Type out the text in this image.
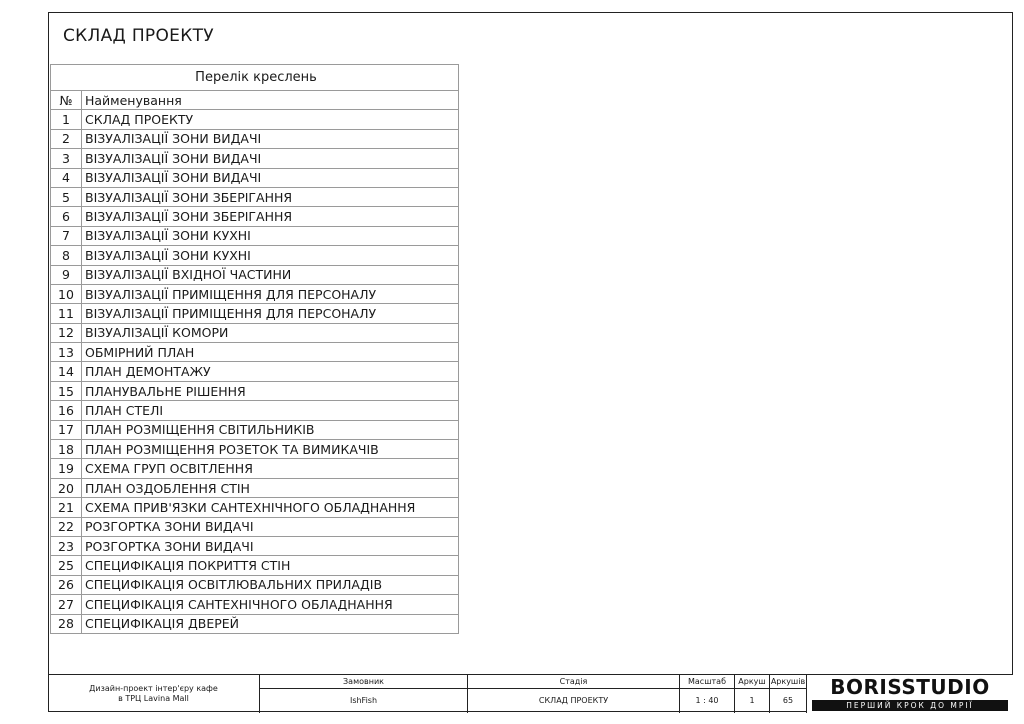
СКЛАД ПРОЕКТУ
Перелік креслень	
№	Найменування
1	СКЛАД ПРОЕКТУ
2	ВІЗУАЛІЗАЦІЇ ЗОНИ ВИДАЧІ
3	ВІЗУАЛІЗАЦІЇ ЗОНИ ВИДАЧІ
4	ВІЗУАЛІЗАЦІЇ ЗОНИ ВИДАЧІ
5	ВІЗУАЛІЗАЦІЇ ЗОНИ ЗБЕРІГАННЯ
6	ВІЗУАЛІЗАЦІЇ ЗОНИ ЗБЕРІГАННЯ
7	ВІЗУАЛІЗАЦІЇ ЗОНИ КУХНІ
8	ВІЗУАЛІЗАЦІЇ ЗОНИ КУХНІ
9	ВІЗУАЛІЗАЦІЇ ВХІДНОЇ ЧАСТИНИ
10	ВІЗУАЛІЗАЦІЇ ПРИМІЩЕННЯ ДЛЯ ПЕРСОНАЛУ
11	ВІЗУАЛІЗАЦІЇ ПРИМІЩЕННЯ ДЛЯ ПЕРСОНАЛУ
12	ВІЗУАЛІЗАЦІЇ КОМОРИ
13	ОБМІРНИЙ ПЛАН
14	ПЛАН ДЕМОНТАЖУ
15	ПЛАНУВАЛЬНЕ РІШЕННЯ
16	ПЛАН СТЕЛІ
17	ПЛАН РОЗМІЩЕННЯ СВІТИЛЬНИКІВ
18	ПЛАН РОЗМІЩЕННЯ РОЗЕТОК ТА ВИМИКАЧІВ
19	СХЕМА ГРУП ОСВІТЛЕННЯ
20	ПЛАН ОЗДОБЛЕННЯ СТІН
21	СХЕМА ПРИВ'ЯЗКИ САНТЕХНІЧНОГО ОБЛАДНАННЯ
22	РОЗГОРТКА ЗОНИ ВИДАЧІ
23	РОЗГОРТКА ЗОНИ ВИДАЧІ
25	СПЕЦИФІКАЦІЯ ПОКРИТТЯ СТІН
26	СПЕЦИФІКАЦІЯ ОСВІТЛЮВАЛЬНИХ ПРИЛАДІВ
27	СПЕЦИФІКАЦІЯ САНТЕХНІЧНОГО ОБЛАДНАННЯ
28	СПЕЦИФІКАЦІЯ ДВЕРЕЙ
Дизайн-проект інтер'єру кафе
в ТРЦ Lavina Mall
Замовник
IshFish
Стадія
СКЛАД ПРОЕКТУ
Масштаб
1 : 40
Аркуш
1
Аркушів
65
BORISSTUDIO
ПЕРШИЙ КРОК ДО МРІЇ
